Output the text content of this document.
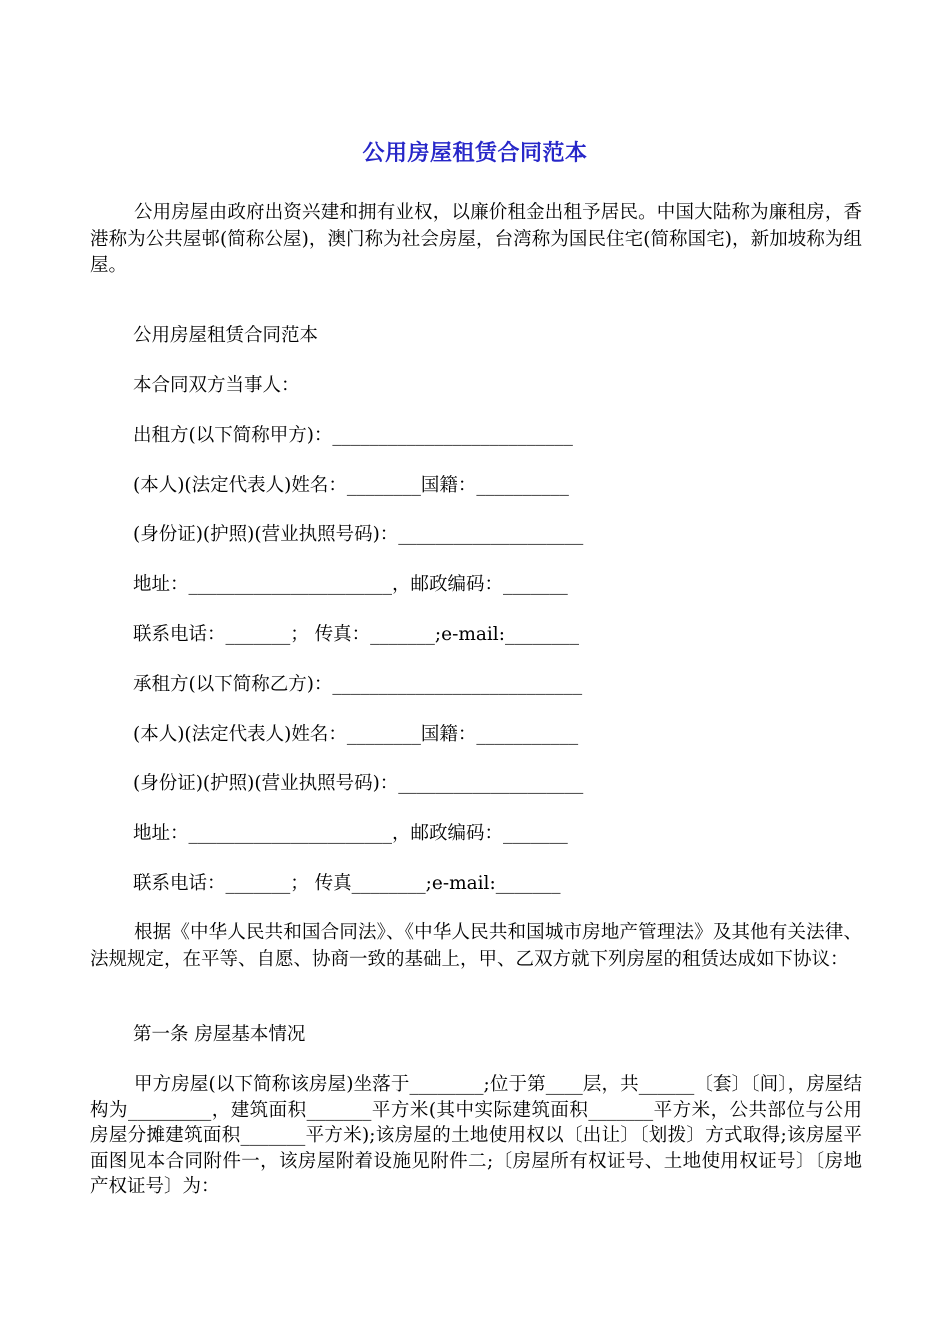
公用房屋租赁合同范本

公用房屋由政府出资兴建和拥有业权，以廉价租金出租予居民。中国大陆称为廉租房，香港称为公共屋邨(简称公屋)，澳门称为社会房屋，台湾称为国民住宅(简称国宅)，新加坡称为组屋。

公用房屋租赁合同范本
本合同双方当事人：
出租方(以下简称甲方)：__________________________
(本人)(法定代表人)姓名：________国籍：__________
(身份证)(护照)(营业执照号码)：____________________
地址：______________________，邮政编码：_______
联系电话：_______； 传真：_______;e-mail:________
承租方(以下简称乙方)：___________________________
(本人)(法定代表人)姓名：________国籍：___________
(身份证)(护照)(营业执照号码)：____________________
地址：______________________，邮政编码：_______
联系电话：_______； 传真________;e-mail:_______

根据《中华人民共和国合同法》、《中华人民共和国城市房地产管理法》及其他有关法律、法规规定，在平等、自愿、协商一致的基础上，甲、乙双方就下列房屋的租赁达成如下协议：

第一条 房屋基本情况

甲方房屋(以下简称该房屋)坐落于________;位于第____层，共______〔套〕〔间〕，房屋结构为_________，建筑面积_______平方米(其中实际建筑面积_______平方米，公共部位与公用房屋分摊建筑面积_______平方米);该房屋的土地使用权以〔出让〕〔划拨〕方式取得;该房屋平面图见本合同附件一，该房屋附着设施见附件二;〔房屋所有权证号、土地使用权证号〕〔房地产权证号〕为：
